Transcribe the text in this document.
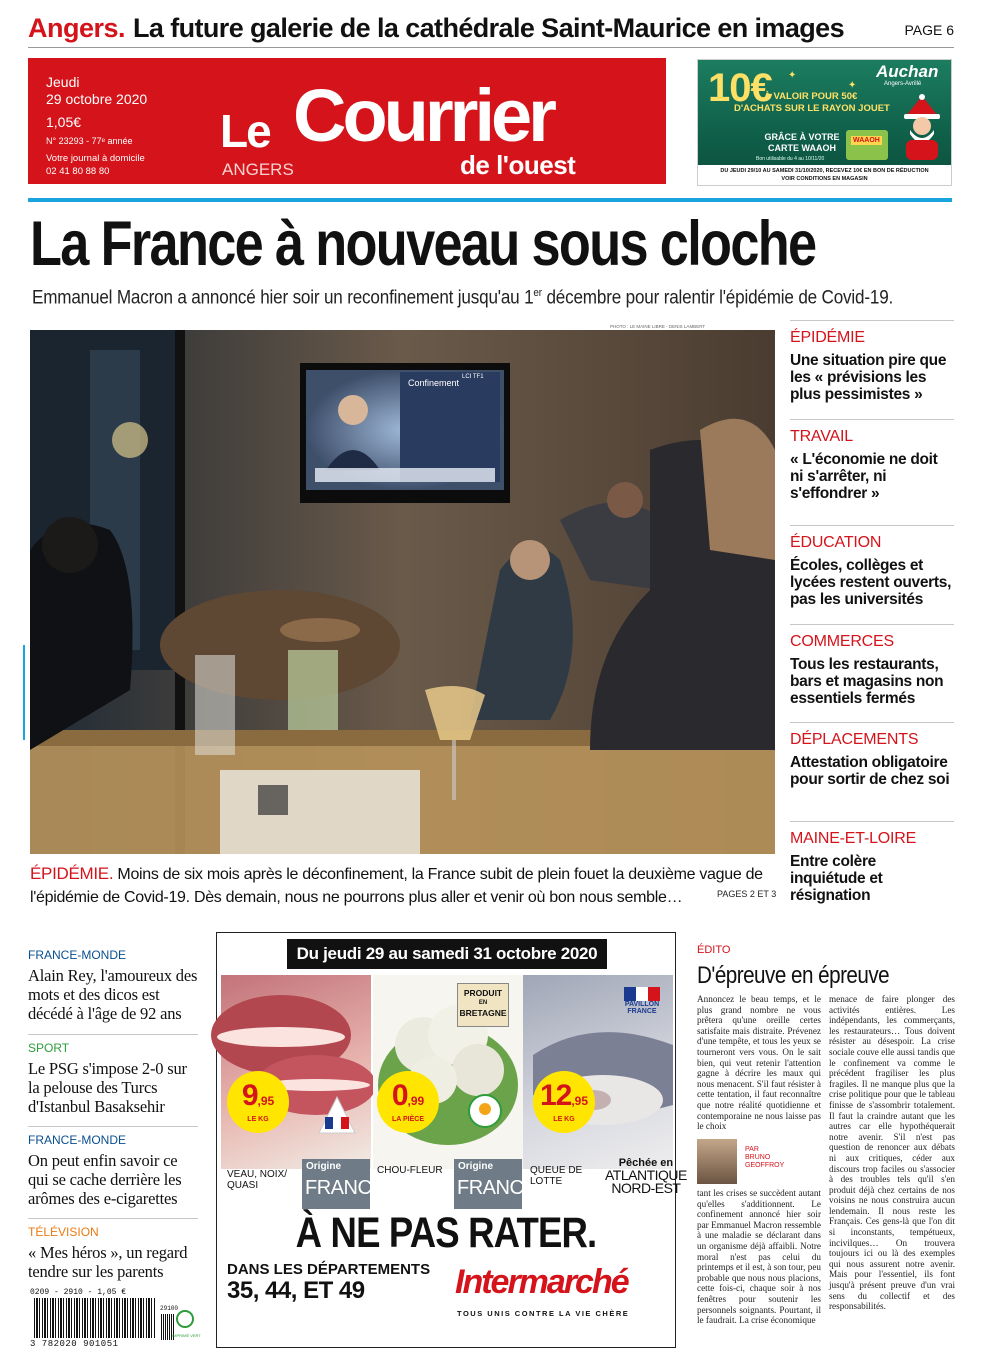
Angers. La future galerie de la cathédrale Saint-Maurice en images	PAGE 6
Jeudi
29 octobre 2020
1,05€
N° 23293 - 77ᵉ année
Votre journal à domicile
02 41 80 88 80
Le Courrier
de l'ouest
ANGERS
✦
✦
10€
À VALOIR POUR 50€
D'ACHATS SUR LE RAYON JOUET
Auchan
Angers-Avrillé
GRÂCE À VOTRE
CARTE WAAOH
Bon utilisable du 4 au 10/11/20
WAAOH
DU JEUDI 29/10 AU SAMEDI 31/10/2020, RECEVEZ 10€ EN BON DE RÉDUCTION
VOIR CONDITIONS EN MAGASIN
La France à nouveau sous cloche
Emmanuel Macron a annoncé hier soir un reconfinement jusqu'au 1er décembre pour ralentir l'épidémie de Covid-19.
PHOTO : LE MAINE LIBRE - DENIS LAMBERT
Confinement
LCI TF1
ÉPIDÉMIE. Moins de six mois après le déconfinement, la France subit de plein fouet la deuxième vague de l'épidémie de Covid-19. Dès demain, nous ne pourrons plus aller et venir où bon nous semble…	PAGES 2 ET 3
ÉPIDÉMIE
Une situation pire que les « prévisions les plus pessimistes »
TRAVAIL
« L'économie ne doit ni s'arrêter, ni s'effondrer »
ÉDUCATION
Écoles, collèges et lycées restent ouverts, pas les universités
COMMERCES
Tous les restaurants, bars et magasins non essentiels fermés
DÉPLACEMENTS
Attestation obligatoire pour sortir de chez soi
MAINE-ET-LOIRE
Entre colère inquiétude et résignation
FRANCE-MONDE
Alain Rey, l'amoureux des mots et des dicos est décédé à l'âge de 92 ans
SPORT
Le PSG s'impose 2-0 sur la pelouse des Turcs d'Istanbul Basaksehir
FRANCE-MONDE
On peut enfin savoir ce qui se cache derrière les arômes des e-cigarettes
TÉLÉVISION
« Mes héros », un regard tendre sur les parents
0209 - 2910 - 1,05 €
3 782020 901051
29100
IMPRIMÉ VERT
Du jeudi 29 au samedi 31 octobre 2020
9,95
LE KG
VEAU, NOIX/
QUASI
Origine
FRANCE
PRODUIT
EN
BRETAGNE
0,99
LA PIÈCE
CHOU-FLEUR Origine
FRANCE
PAVILLON FRANCE
12,95
LE KG
QUEUE DE
LOTTE
Pêchée en
ATLANTIQUE
NORD-EST
À NE PAS RATER.
DANS LES DÉPARTEMENTS
35, 44, ET 49	Intermarché
TOUS UNIS CONTRE LA VIE CHÈRE
ÉDITO
D'épreuve en épreuve
Annoncez le beau temps, et le plus grand nombre ne vous prêtera qu'une oreille certes satisfaite mais distraite. Prévenez d'une tempête, et tous les yeux se tourneront vers vous. On le sait bien, qui veut retenir l'attention gagne à décrire les maux qui nous menacent. S'il faut résister à cette tentation, il faut reconnaître que notre réalité quotidienne et contemporaine ne nous laisse pas le choix
PAR
BRUNO
GEOFFROY
tant les crises se succèdent autant qu'elles s'additionnent. Le confinement annoncé hier soir par Emmanuel Macron ressemble à une maladie se déclarant dans un organisme déjà affaibli. Notre moral n'est pas celui du printemps et il est, à son tour, peu probable que nous nous placions, cette fois-ci, chaque soir à nos fenêtres pour soutenir les personnels soignants. Pourtant, il le faudrait. La crise économique
menace de faire plonger des activités entières. Les indépendants, les commerçants, les restaurateurs… Tous doivent résister au désespoir. La crise sociale couve elle aussi tandis que le confinement va comme le précédent fragiliser les plus fragiles. Il ne manque plus que la crise politique pour que le tableau finisse de s'assombrir totalement. Il faut la craindre autant que les autres car elle hypothéquerait notre avenir. S'il n'est pas question de renoncer aux débats ni aux critiques, céder aux discours trop faciles ou s'associer à des troubles tels qu'il s'en produit déjà chez certains de nos voisins ne nous construira aucun lendemain. Il nous reste les Français. Ces gens-là que l'on dit si inconstants, tempétueux, incivilques… On trouvera toujours ici ou là des exemples qui nous assurent notre avenir. Mais pour l'essentiel, ils font jusqu'à présent preuve d'un vrai sens du collectif et des responsabilités.
